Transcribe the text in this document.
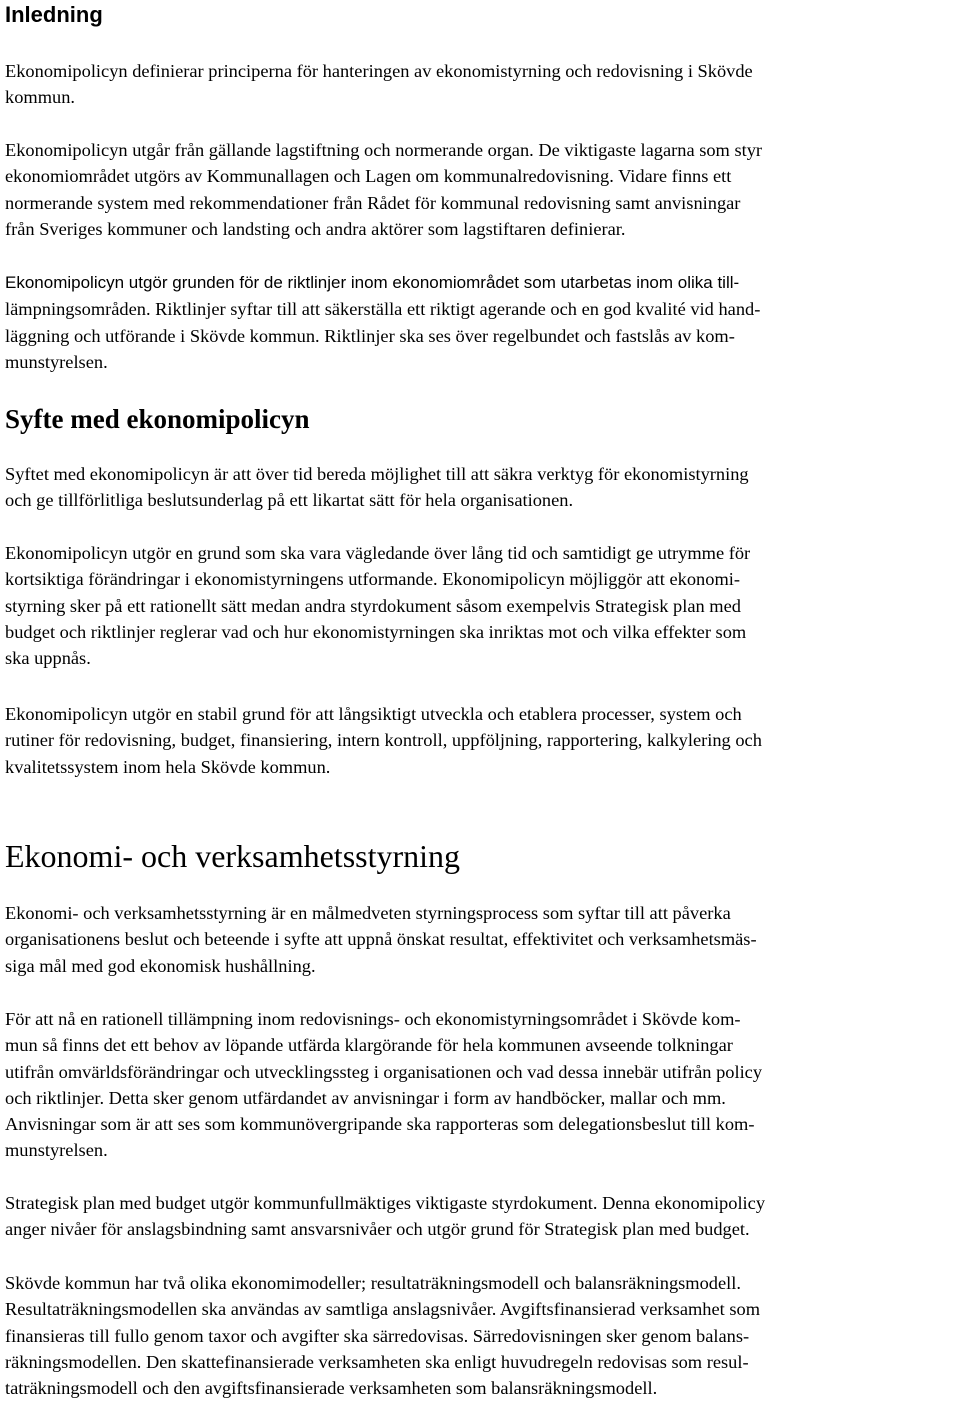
Inledning

Ekonomipolicyn definierar principerna för hanteringen av ekonomistyrning och redovisning i Skövde
kommun.

Ekonomipolicyn utgår från gällande lagstiftning och normerande organ. De viktigaste lagarna som styr
ekonomiområdet utgörs av Kommunallagen och Lagen om kommunalredovisning. Vidare finns ett
normerande system med rekommendationer från Rådet för kommunal redovisning samt anvisningar
från Sveriges kommuner och landsting och andra aktörer som lagstiftaren definierar.

Ekonomipolicyn utgör grunden för de riktlinjer inom ekonomiområdet som utarbetas inom olika till-
lämpningsområden. Riktlinjer syftar till att säkerställa ett riktigt agerande och en god kvalité vid hand-
läggning och utförande i Skövde kommun. Riktlinjer ska ses över regelbundet och fastslås av kom-
munstyrelsen.

Syfte med ekonomipolicyn

Syftet med ekonomipolicyn är att över tid bereda möjlighet till att säkra verktyg för ekonomistyrning
och ge tillförlitliga beslutsunderlag på ett likartat sätt för hela organisationen.

Ekonomipolicyn utgör en grund som ska vara vägledande över lång tid och samtidigt ge utrymme för
kortsiktiga förändringar i ekonomistyrningens utformande. Ekonomipolicyn möjliggör att ekonomi-
styrning sker på ett rationellt sätt medan andra styrdokument såsom exempelvis Strategisk plan med
budget och riktlinjer reglerar vad och hur ekonomistyrningen ska inriktas mot och vilka effekter som
ska uppnås.

Ekonomipolicyn utgör en stabil grund för att långsiktigt utveckla och etablera processer, system och
rutiner för redovisning, budget, finansiering, intern kontroll, uppföljning, rapportering, kalkylering och
kvalitetssystem inom hela Skövde kommun.

Ekonomi- och verksamhetsstyrning

Ekonomi- och verksamhetsstyrning är en målmedveten styrningsprocess som syftar till att påverka
organisationens beslut och beteende i syfte att uppnå önskat resultat, effektivitet och verksamhetsmäs-
siga mål med god ekonomisk hushållning.

För att nå en rationell tillämpning inom redovisnings- och ekonomistyrningsområdet i Skövde kom-
mun så finns det ett behov av löpande utfärda klargörande för hela kommunen avseende tolkningar
utifrån omvärldsförändringar och utvecklingssteg i organisationen och vad dessa innebär utifrån policy
och riktlinjer. Detta sker genom utfärdandet av anvisningar i form av handböcker, mallar och mm.
Anvisningar som är att ses som kommunövergripande ska rapporteras som delegationsbeslut till kom-
munstyrelsen.

Strategisk plan med budget utgör kommunfullmäktiges viktigaste styrdokument. Denna ekonomipolicy
anger nivåer för anslagsbindning samt ansvarsnivåer och utgör grund för Strategisk plan med budget.

Skövde kommun har två olika ekonomimodeller; resultaträkningsmodell och balansräkningsmodell.
Resultaträkningsmodellen ska användas av samtliga anslagsnivåer. Avgiftsfinansierad verksamhet som
finansieras till fullo genom taxor och avgifter ska särredovisas. Särredovisningen sker genom balans-
räkningsmodellen. Den skattefinansierade verksamheten ska enligt huvudregeln redovisas som resul-
taträkningsmodell och den avgiftsfinansierade verksamheten som balansräkningsmodell.
